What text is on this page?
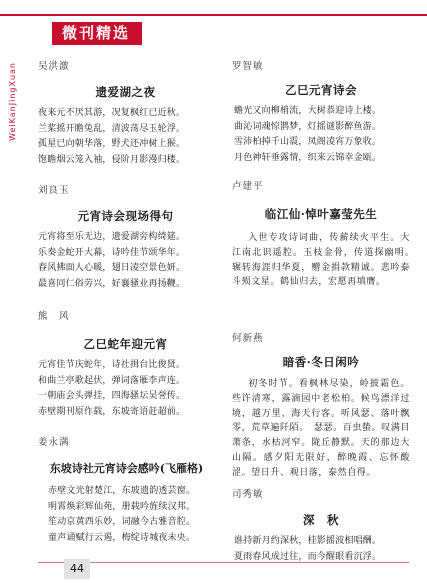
微刊精选
WeiKanJingXuan 吴洪激
遗爱湖之夜
夜来元不厌其游，况复枫红已近秋。
兰桨摇开瞻兔乱，清波荡尽玉轮浮。
孤星已向朝华落，野犬还冲树上猴。
饱瞻烟云笼入袖，侵阶月影漫归楼。
刘良玉
元宵诗会现场得句
元宵将至乐无边，遗爱湖旁构绮筵。
乐奏金蛇开大幕，诗吟佳节颂华年。
春风拂面人心暖，翅日凌空景色妍。
最喜同仁俗劳兴，好襄骚业再扬鞭。
熊　风
乙巳蛇年迎元宵
元宵佳节庆蛇年，诗社揖台比俊贤。
和曲兰亭歌起伏，弹词落雁李声连。
一朝庙会头弹挂，四海骚坛吴誉传。
赤壁期刊原作载，东坡寄语赶超前。
姜永满
东坡诗社元宵诗会感吟(飞雁格)
赤壁文光射楚江，东坡遗韵透芸窗。
明霄焕彩辉仙苑，册载吟旌续汉邦。
笙动京黄西乐妙，词融今古雅音腔。
童声诵赋行云遏，梅绽诗城夜未央。
罗智敏
乙巳元宵诗会
蟾光又向柳梢流，大树恭迎诗上楼。
曲沁词魂惊鹊梦，灯摇谜影醉鱼游。
雪沛柏掉千山震，凤阁凌宵万象收。
月色神轩垂露情，织来云锦幸金瓯。
卢建平
临江仙·悼叶嘉莹先生
入世专攻诗词曲，传薪续火平生。大江南北识遥腔。玉枝金骨，传道探幽明。　辗转海涯归华夏，赠金捐款精诚。悲吟泰斗殒文星。鹤仙归去，宏愿再填膺。
何新燕
暗香·冬日闲吟
初冬时节。看枫林尽染，岭披霜色。些许清寒，露滴园中老松柏。候鸟漂洋过境，越万里、海天行客。听风瑟、落叶飘零，荒草遍阡陌。　瑟瑟。百虫蛰。叹满目萧条，水枯河窄。陇丘静默。天的那边大山隔。感夕阳无限好，醉晚霞、忘怀酸涩。望日升、观日落，泰然自得。
司秀敏
深　秋
谁持新月约深秋，桂影摇波相唱酬。
夏雨春风成过往，而今醒眼看沉浮。
44
